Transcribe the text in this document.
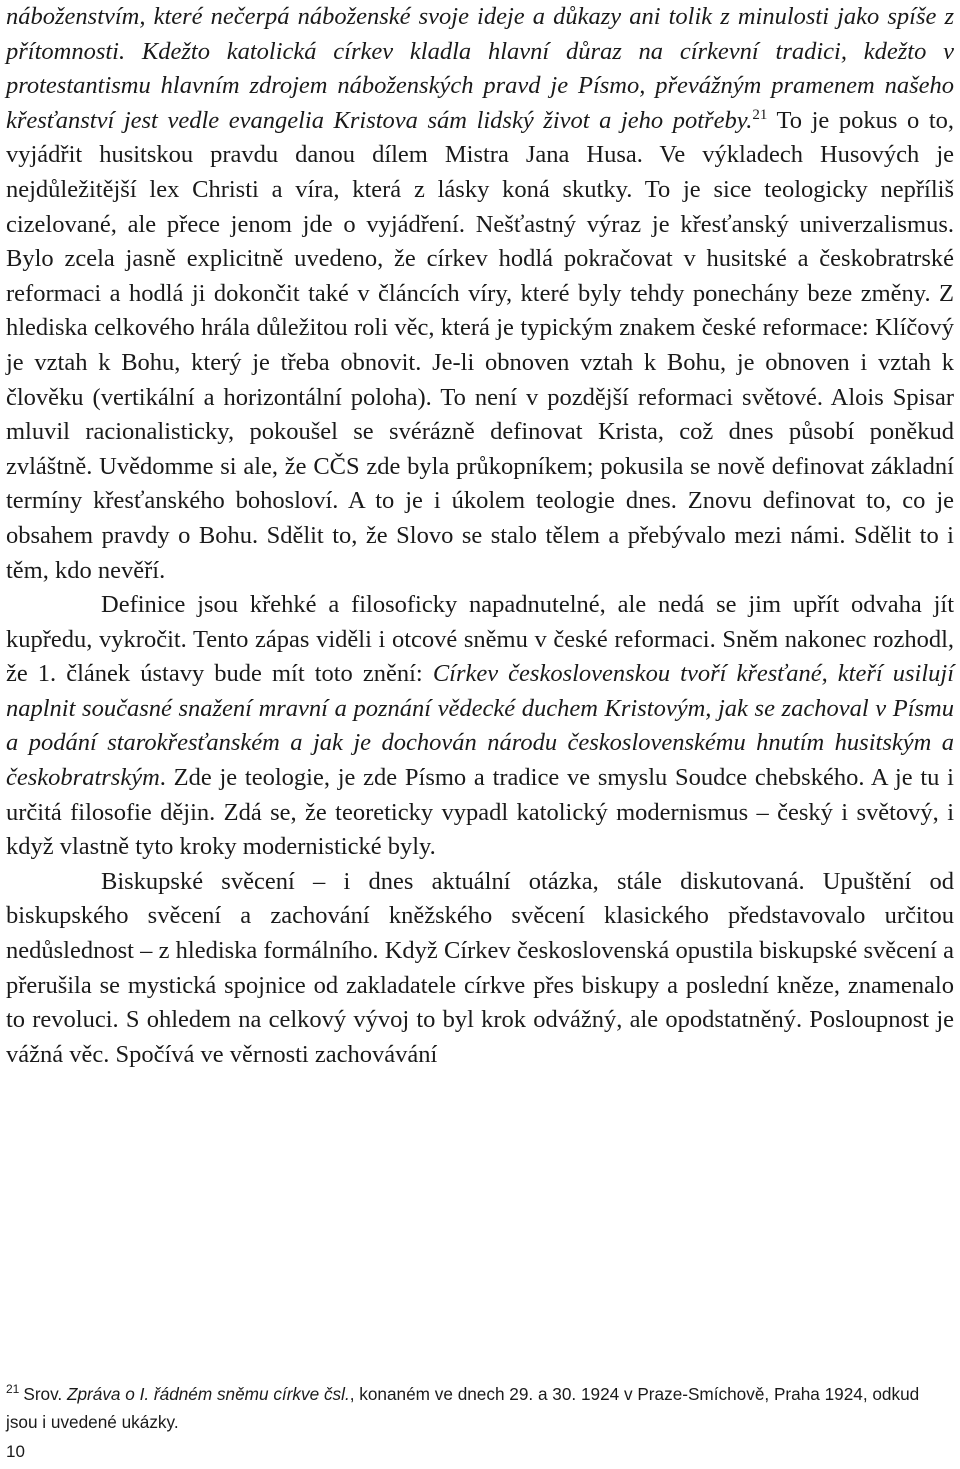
náboženstvím, které nečerpá náboženské svoje ideje a důkazy ani tolik z minulosti jako spíše z přítomnosti. Kdežto katolická církev kladla hlavní důraz na církevní tradici, kdežto v protestantismu hlavním zdrojem náboženských pravd je Písmo, převážným pramenem našeho křesťanství jest vedle evangelia Kristova sám lidský život a jeho potřeby.$^{21}$ To je pokus o to, vyjádřit husitskou pravdu danou dílem Mistra Jana Husa. Ve výkladech Husových je nejdůležitější lex Christi a víra, která z lásky koná skutky. To je sice teologicky nepříliš cizelované, ale přece jenom jde o vyjádření. Nešťastný výraz je křesťanský univerzalismus. Bylo zcela jasně explicitně uvedeno, že církev hodlá pokračovat v husitské a českobratrské reformaci a hodlá ji dokončit také v článcích víry, které byly tehdy ponechány beze změny. Z hlediska celkového hrála důležitou roli věc, která je typickým znakem české reformace: Klíčový je vztah k Bohu, který je třeba obnovit. Je-li obnoven vztah k Bohu, je obnoven i vztah k člověku (vertikální a horizontální poloha). To není v pozdější reformaci světové. Alois Spisar mluvil racionalisticky, pokoušel se svérázně definovat Krista, což dnes působí poněkud zvláštně. Uvědomme si ale, že CČS zde byla průkopníkem; pokusila se nově definovat základní termíny křesťanského bohosloví. A to je i úkolem teologie dnes. Znovu definovat to, co je obsahem pravdy o Bohu. Sdělit to, že Slovo se stalo tělem a přebývalo mezi námi. Sdělit to i těm, kdo nevěří.

Definice jsou křehké a filosoficky napadnutelné, ale nedá se jim upřít odvaha jít kupředu, vykročit. Tento zápas viděli i otcové sněmu v české reformaci. Sněm nakonec rozhodl, že 1. článek ústavy bude mít toto znění: Církev československou tvoří křesťané, kteří usilují naplnit současné snažení mravní a poznání vědecké duchem Kristovým, jak se zachoval v Písmu a podání starokřesťanském a jak je dochován národu československému hnutím husitským a českobratrským. Zde je teologie, je zde Písmo a tradice ve smyslu Soudce chebského. A je tu i určitá filosofie dějin. Zdá se, že teoreticky vypadl katolický modernismus – český i světový, i když vlastně tyto kroky modernistické byly.

Biskupské svěcení – i dnes aktuální otázka, stále diskutovaná. Upuštění od biskupského svěcení a zachování kněžského svěcení klasického představovalo určitou nedůslednost – z hlediska formálního. Když Církev československá opustila biskupské svěcení a přerušila se mystická spojnice od zakladatele církve přes biskupy a poslední kněze, znamenalo to revoluci. S ohledem na celkový vývoj to byl krok odvážný, ale opodstatněný. Posloupnost je vážná věc. Spočívá ve věrnosti zachovávání

$^{21}$ Srov. Zpráva o I. řádném sněmu církve čsl., konaném ve dnech 29. a 30. 1924 v Praze-Smíchově, Praha 1924, odkud jsou i uvedené ukázky.
10
